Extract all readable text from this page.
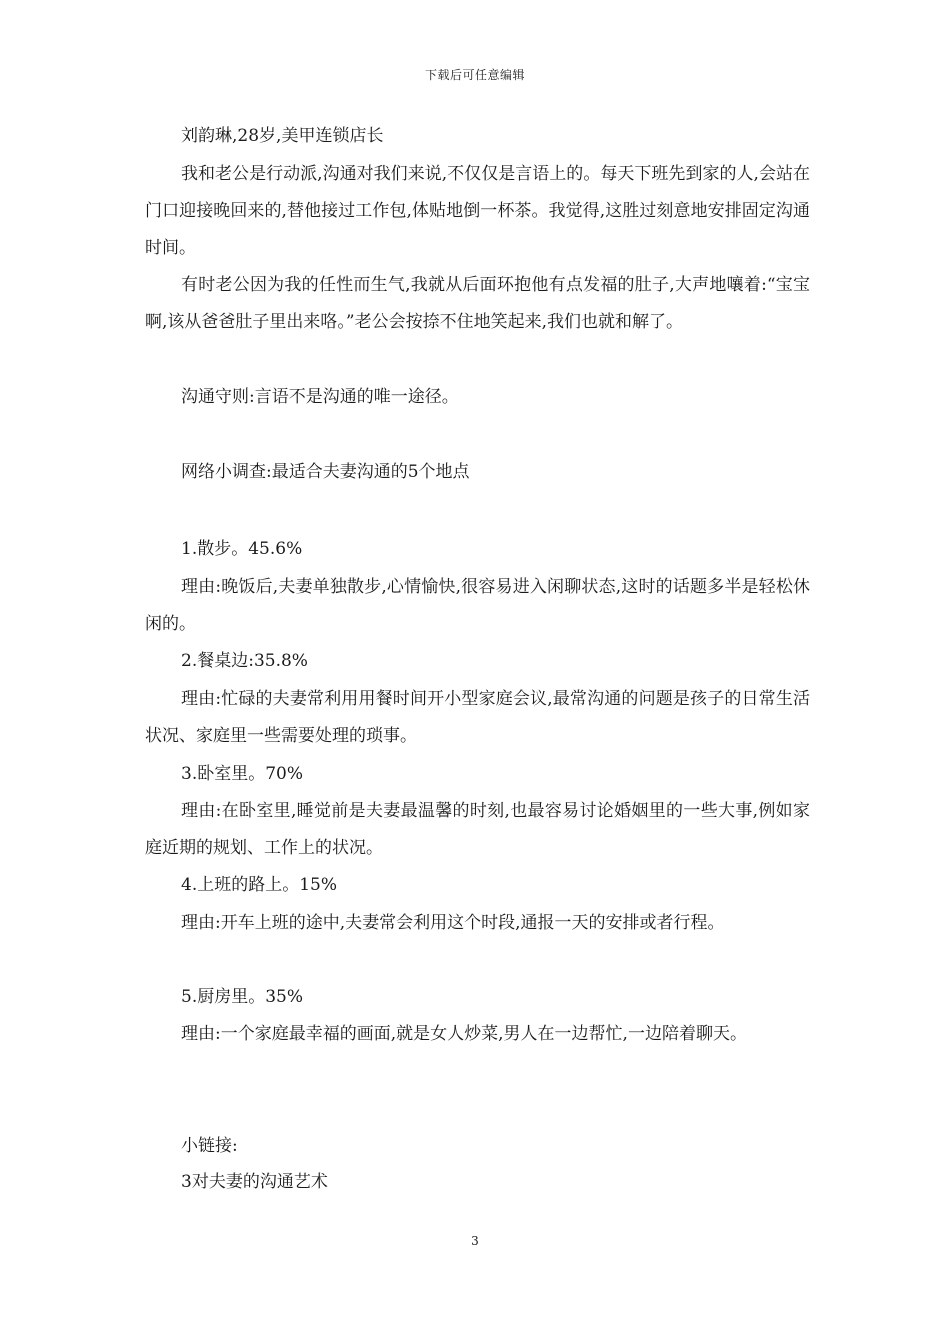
下载后可任意编辑
刘韵琳,28岁,美甲连锁店长
我和老公是行动派,沟通对我们来说,不仅仅是言语上的。每天下班先到家的人,会站在门口迎接晚回来的,替他接过工作包,体贴地倒一杯茶。我觉得,这胜过刻意地安排固定沟通时间。
有时老公因为我的任性而生气,我就从后面环抱他有点发福的肚子,大声地嚷着:“宝宝啊,该从爸爸肚子里出来咯。”老公会按捺不住地笑起来,我们也就和解了。
沟通守则:言语不是沟通的唯一途径。
网络小调查:最适合夫妻沟通的5个地点
1.散步。45.6%
理由:晚饭后,夫妻单独散步,心情愉快,很容易进入闲聊状态,这时的话题多半是轻松休闲的。
2.餐桌边:35.8%
理由:忙碌的夫妻常利用用餐时间开小型家庭会议,最常沟通的问题是孩子的日常生活状况、家庭里一些需要处理的琐事。
3.卧室里。70%
理由:在卧室里,睡觉前是夫妻最温馨的时刻,也最容易讨论婚姻里的一些大事,例如家庭近期的规划、工作上的状况。
4.上班的路上。15%
理由:开车上班的途中,夫妻常会利用这个时段,通报一天的安排或者行程。
5.厨房里。35%
理由:一个家庭最幸福的画面,就是女人炒菜,男人在一边帮忙,一边陪着聊天。
小链接:
3对夫妻的沟通艺术
3
